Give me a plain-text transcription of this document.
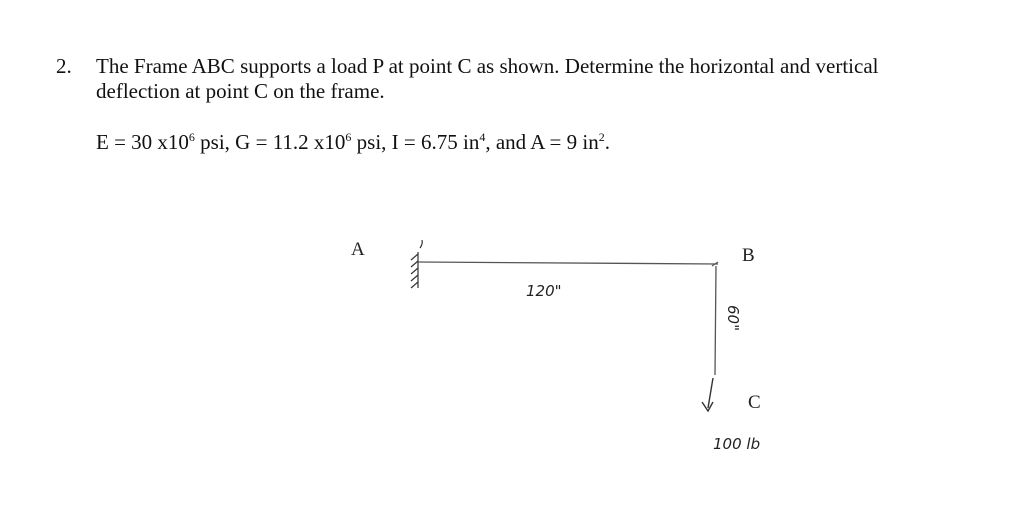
2. The Frame ABC supports a load P at point C as shown. Determine the horizontal and vertical
deflection at point C on the frame.
E = 30 $x10^6$ psi, G = 11.2 $x10^6$ psi, I = 6.75 $in^4$, and A = 9 $in^2$.
A	B
C
120"
60"
100 lb
